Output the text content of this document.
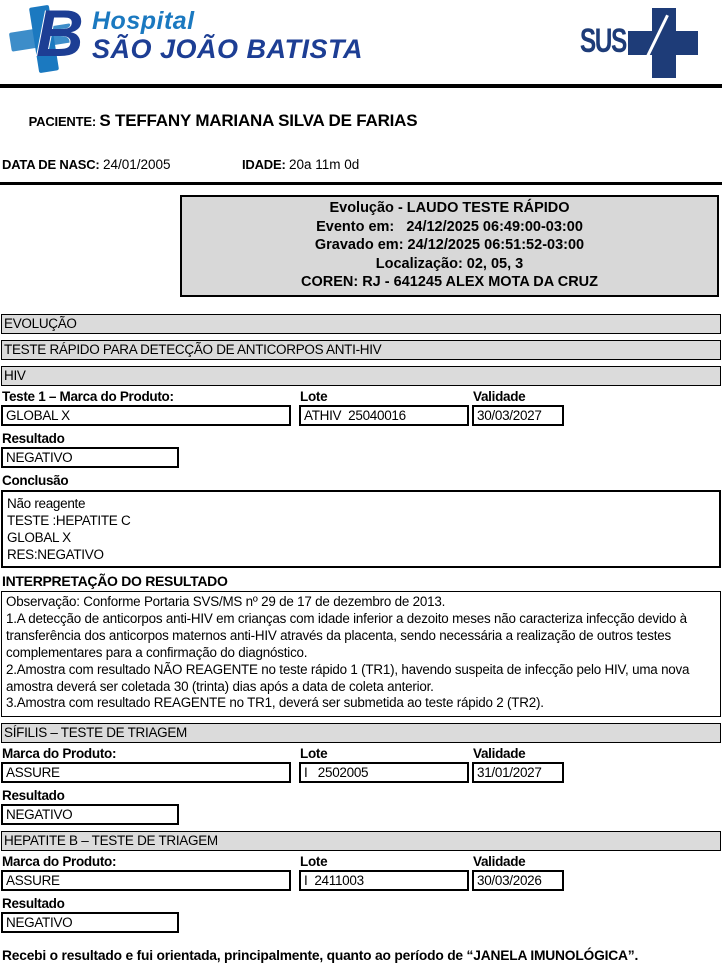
B Hospital
SÃO JOÃO BATISTA	SUS

PACIENTE: S TEFFANY MARIANA SILVA DE FARIAS

DATA DE NASC: 24/01/2005	IDADE: 20a 11m 0d
Evolução - LAUDO TESTE RÁPIDO
Evento em:   24/12/2025 06:49:00-03:00
Gravado em: 24/12/2025 06:51:52-03:00
Localização: 02, 05, 3
COREN: RJ - 641245 ALEX MOTA DA CRUZ
EVOLUÇÃO
TESTE RÁPIDO PARA DETECÇÃO DE ANTICORPOS ANTI-HIV
HIV
Teste 1 – Marca do Produto:	Lote	Validade
GLOBAL X	ATHIV  25040016	30/03/2027
Resultado
NEGATIVO
Conclusão
Não reagente
TESTE :HEPATITE C
GLOBAL X
RES:NEGATIVO
INTERPRETAÇÃO DO RESULTADO

Observação: Conforme Portaria SVS/MS nº 29 de 17 de dezembro de 2013.

1.A detecção de anticorpos anti-HIV em crianças com idade inferior a dezoito meses não caracteriza infecção devido à transferência dos anticorpos maternos anti-HIV através da placenta, sendo necessária a realização de outros testes complementares para a confirmação do diagnóstico.

2.Amostra com resultado NÃO REAGENTE no teste rápido 1 (TR1), havendo suspeita de infecção pelo HIV, uma nova amostra deverá ser coletada 30 (trinta) dias após a data de coleta anterior.

3.Amostra com resultado REAGENTE no TR1, deverá ser submetida ao teste rápido 2 (TR2).

SÍFILIS – TESTE DE TRIAGEM
Marca do Produto:	Lote	Validade
ASSURE	I   2502005	31/01/2027
Resultado
NEGATIVO
HEPATITE B – TESTE DE TRIAGEM
Marca do Produto:	Lote	Validade
ASSURE	I  2411003	30/03/2026
Resultado
NEGATIVO
Recebi o resultado e fui orientada, principalmente, quanto ao período de “JANELA IMUNOLÓGICA”.
